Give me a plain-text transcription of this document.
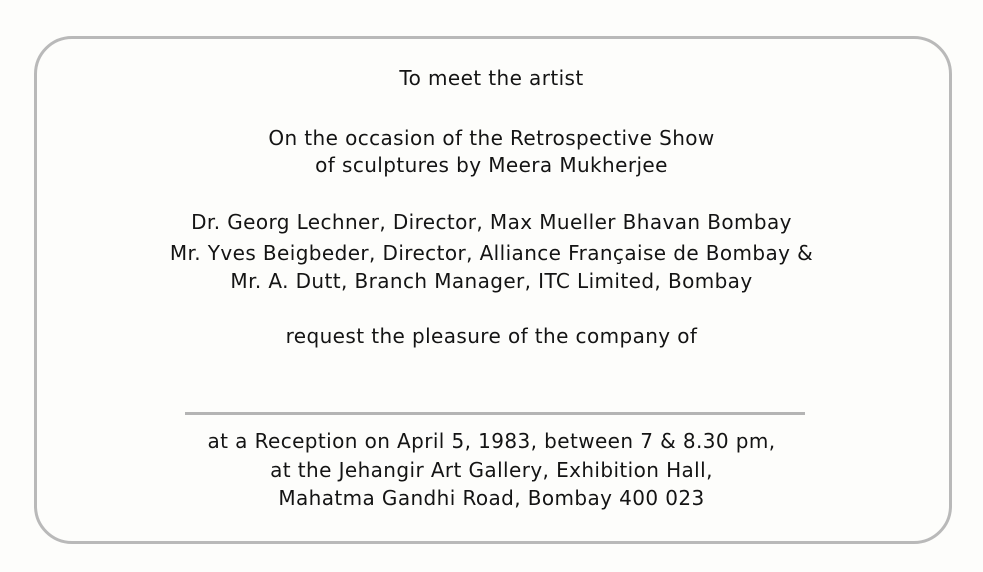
To meet the artist
On the occasion of the Retrospective Show
of sculptures by Meera Mukherjee
Dr. Georg Lechner, Director, Max Mueller Bhavan Bombay
Mr. Yves Beigbeder, Director, Alliance Française de Bombay &
Mr. A. Dutt, Branch Manager, ITC Limited, Bombay
request the pleasure of the company of
at a Reception on April 5, 1983, between 7 & 8.30 pm,
at the Jehangir Art Gallery, Exhibition Hall,
Mahatma Gandhi Road, Bombay 400 023
